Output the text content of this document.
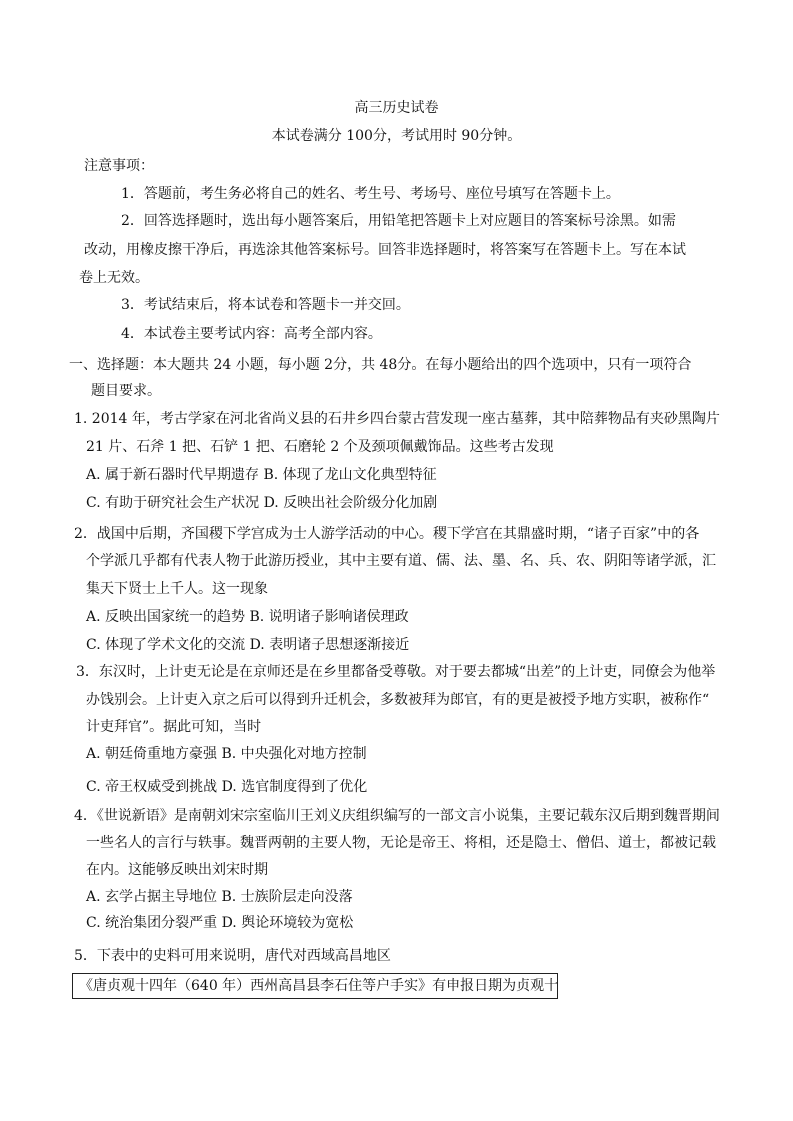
高三历史试卷
本试卷满分 100分，考试用时 90分钟。
注意事项：
1．答题前，考生务必将自己的姓名、考生号、考场号、座位号填写在答题卡上。
2．回答选择题时，选出每小题答案后，用铅笔把答题卡上对应题目的答案标号涂黑。如需
改动，用橡皮擦干净后，再选涂其他答案标号。回答非选择题时，将答案写在答题卡上。写在本试
卷上无效。
3．考试结束后，将本试卷和答题卡一并交回。
4．本试卷主要考试内容：高考全部内容。
一、选择题：本大题共 24 小题，每小题 2分，共 48分。在每小题给出的四个选项中，只有一项符合
题目要求。
1. 2014 年，考古学家在河北省尚义县的石井乡四台蒙古营发现一座古墓葬，其中陪葬物品有夹砂黑陶片
21 片、石斧 1 把、石铲 1 把、石磨轮 2 个及颈项佩戴饰品。这些考古发现
A. 属于新石器时代早期遗存 B. 体现了龙山文化典型特征
C. 有助于研究社会生产状况 D. 反映出社会阶级分化加剧
2．战国中后期，齐国稷下学宫成为士人游学活动的中心。稷下学宫在其鼎盛时期，“诸子百家”中的各
个学派几乎都有代表人物于此游历授业，其中主要有道、儒、法、墨、名、兵、农、阴阳等诸学派，汇
集天下贤士上千人。这一现象
A. 反映出国家统一的趋势 B. 说明诸子影响诸侯理政
C. 体现了学术文化的交流 D. 表明诸子思想逐渐接近
3．东汉时，上计吏无论是在京师还是在乡里都备受尊敬。对于要去都城“出差”的上计吏，同僚会为他举
办饯别会。上计吏入京之后可以得到升迁机会，多数被拜为郎官，有的更是被授予地方实职，被称作“
计吏拜官”。据此可知，当时
A. 朝廷倚重地方豪强 B. 中央强化对地方控制
C. 帝王权威受到挑战 D. 选官制度得到了优化
4．《世说新语》是南朝刘宋宗室临川王刘义庆组织编写的一部文言小说集，主要记载东汉后期到魏晋期间
一些名人的言行与轶事。魏晋两朝的主要人物，无论是帝王、将相，还是隐士、僧侣、道士，都被记载
在内。这能够反映出刘宋时期
A. 玄学占据主导地位 B. 士族阶层走向没落
C. 统治集团分裂严重 D. 舆论环境较为宽松
5．下表中的史料可用来说明，唐代对西域高昌地区
《唐贞观十四年（640 年）西州高昌县李石住等户手实》有申报日期为贞观十
